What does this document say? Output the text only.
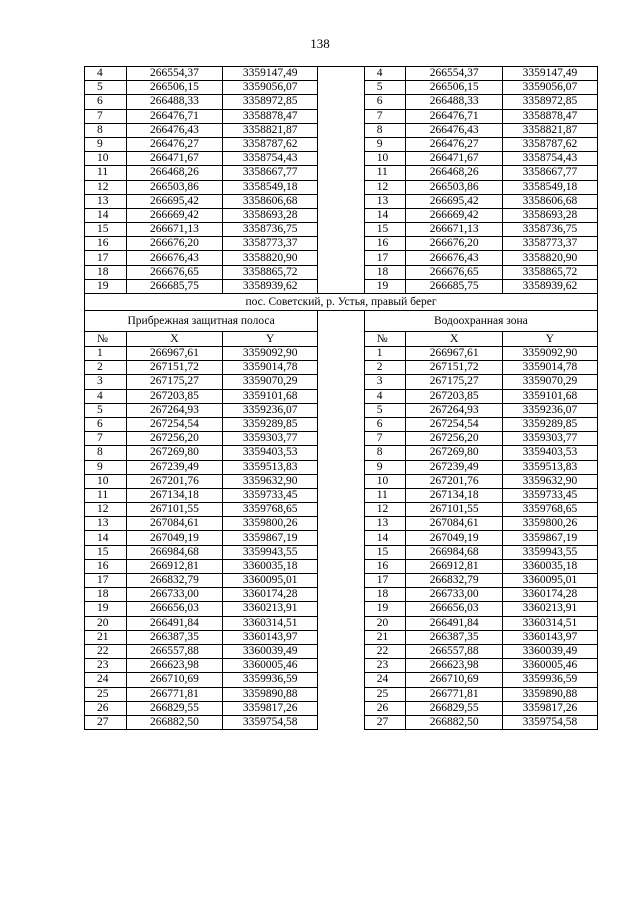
138
4	266554,37	3359147,49		4	266554,37	3359147,49
5	266506,15	3359056,07		5	266506,15	3359056,07
6	266488,33	3358972,85		6	266488,33	3358972,85
7	266476,71	3358878,47		7	266476,71	3358878,47
8	266476,43	3358821,87		8	266476,43	3358821,87
9	266476,27	3358787,62		9	266476,27	3358787,62
10	266471,67	3358754,43		10	266471,67	3358754,43
11	266468,26	3358667,77		11	266468,26	3358667,77
12	266503,86	3358549,18		12	266503,86	3358549,18
13	266695,42	3358606,68		13	266695,42	3358606,68
14	266669,42	3358693,28		14	266669,42	3358693,28
15	266671,13	3358736,75		15	266671,13	3358736,75
16	266676,20	3358773,37		16	266676,20	3358773,37
17	266676,43	3358820,90		17	266676,43	3358820,90
18	266676,65	3358865,72		18	266676,65	3358865,72
19	266685,75	3358939,62		19	266685,75	3358939,62
пос. Советский, р. Устья, правый берег						
Прибрежная защитная полоса				Водоохранная зона		
№	X	Y		№	X	Y
1	266967,61	3359092,90		1	266967,61	3359092,90
2	267151,72	3359014,78		2	267151,72	3359014,78
3	267175,27	3359070,29		3	267175,27	3359070,29
4	267203,85	3359101,68		4	267203,85	3359101,68
5	267264,93	3359236,07		5	267264,93	3359236,07
6	267254,54	3359289,85		6	267254,54	3359289,85
7	267256,20	3359303,77		7	267256,20	3359303,77
8	267269,80	3359403,53		8	267269,80	3359403,53
9	267239,49	3359513,83		9	267239,49	3359513,83
10	267201,76	3359632,90		10	267201,76	3359632,90
11	267134,18	3359733,45		11	267134,18	3359733,45
12	267101,55	3359768,65		12	267101,55	3359768,65
13	267084,61	3359800,26		13	267084,61	3359800,26
14	267049,19	3359867,19		14	267049,19	3359867,19
15	266984,68	3359943,55		15	266984,68	3359943,55
16	266912,81	3360035,18		16	266912,81	3360035,18
17	266832,79	3360095,01		17	266832,79	3360095,01
18	266733,00	3360174,28		18	266733,00	3360174,28
19	266656,03	3360213,91		19	266656,03	3360213,91
20	266491,84	3360314,51		20	266491,84	3360314,51
21	266387,35	3360143,97		21	266387,35	3360143,97
22	266557,88	3360039,49		22	266557,88	3360039,49
23	266623,98	3360005,46		23	266623,98	3360005,46
24	266710,69	3359936,59		24	266710,69	3359936,59
25	266771,81	3359890,88		25	266771,81	3359890,88
26	266829,55	3359817,26		26	266829,55	3359817,26
27	266882,50	3359754,58		27	266882,50	3359754,58
